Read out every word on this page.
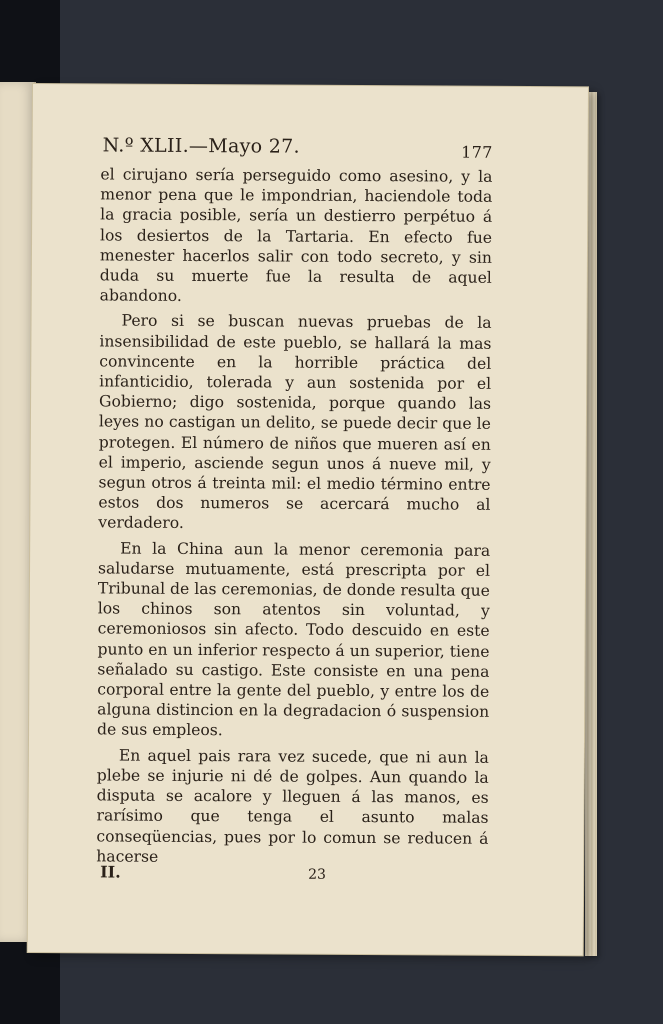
N.º XLII.—Mayo 27.	177

el cirujano sería perseguido como asesino, y la menor pena que le impondrian, haciendole toda la gracia posible, sería un destierro perpétuo á los desiertos de la Tartaria. En efecto fue menester hacerlos salir con todo secreto, y sin duda su muerte fue la resulta de aquel abandono.

Pero si se buscan nuevas pruebas de la insensibilidad de este pueblo, se hallará la mas convincente en la horrible práctica del infanticidio, tolerada y aun sostenida por el Gobierno; digo sostenida, porque quando las leyes no castigan un delito, se puede decir que le protegen. El número de niños que mueren así en el imperio, asciende segun unos á nueve mil, y segun otros á treinta mil: el medio término entre estos dos numeros se acercará mucho al verdadero.

En la China aun la menor ceremonia para saludarse mutuamente, está prescripta por el Tribunal de las ceremonias, de donde resulta que los chinos son atentos sin voluntad, y ceremoniosos sin afecto. Todo descuido en este punto en un inferior respecto á un superior, tiene señalado su castigo. Este consiste en una pena corporal entre la gente del pueblo, y entre los de alguna distincion en la degradacion ó suspension de sus empleos.

En aquel pais rara vez sucede, que ni aun la plebe se injurie ni dé de golpes. Aun quando la disputa se acalore y lleguen á las manos, es rarísimo que tenga el asunto malas conseqüencias, pues por lo comun se reducen á hacerse

II.	23
